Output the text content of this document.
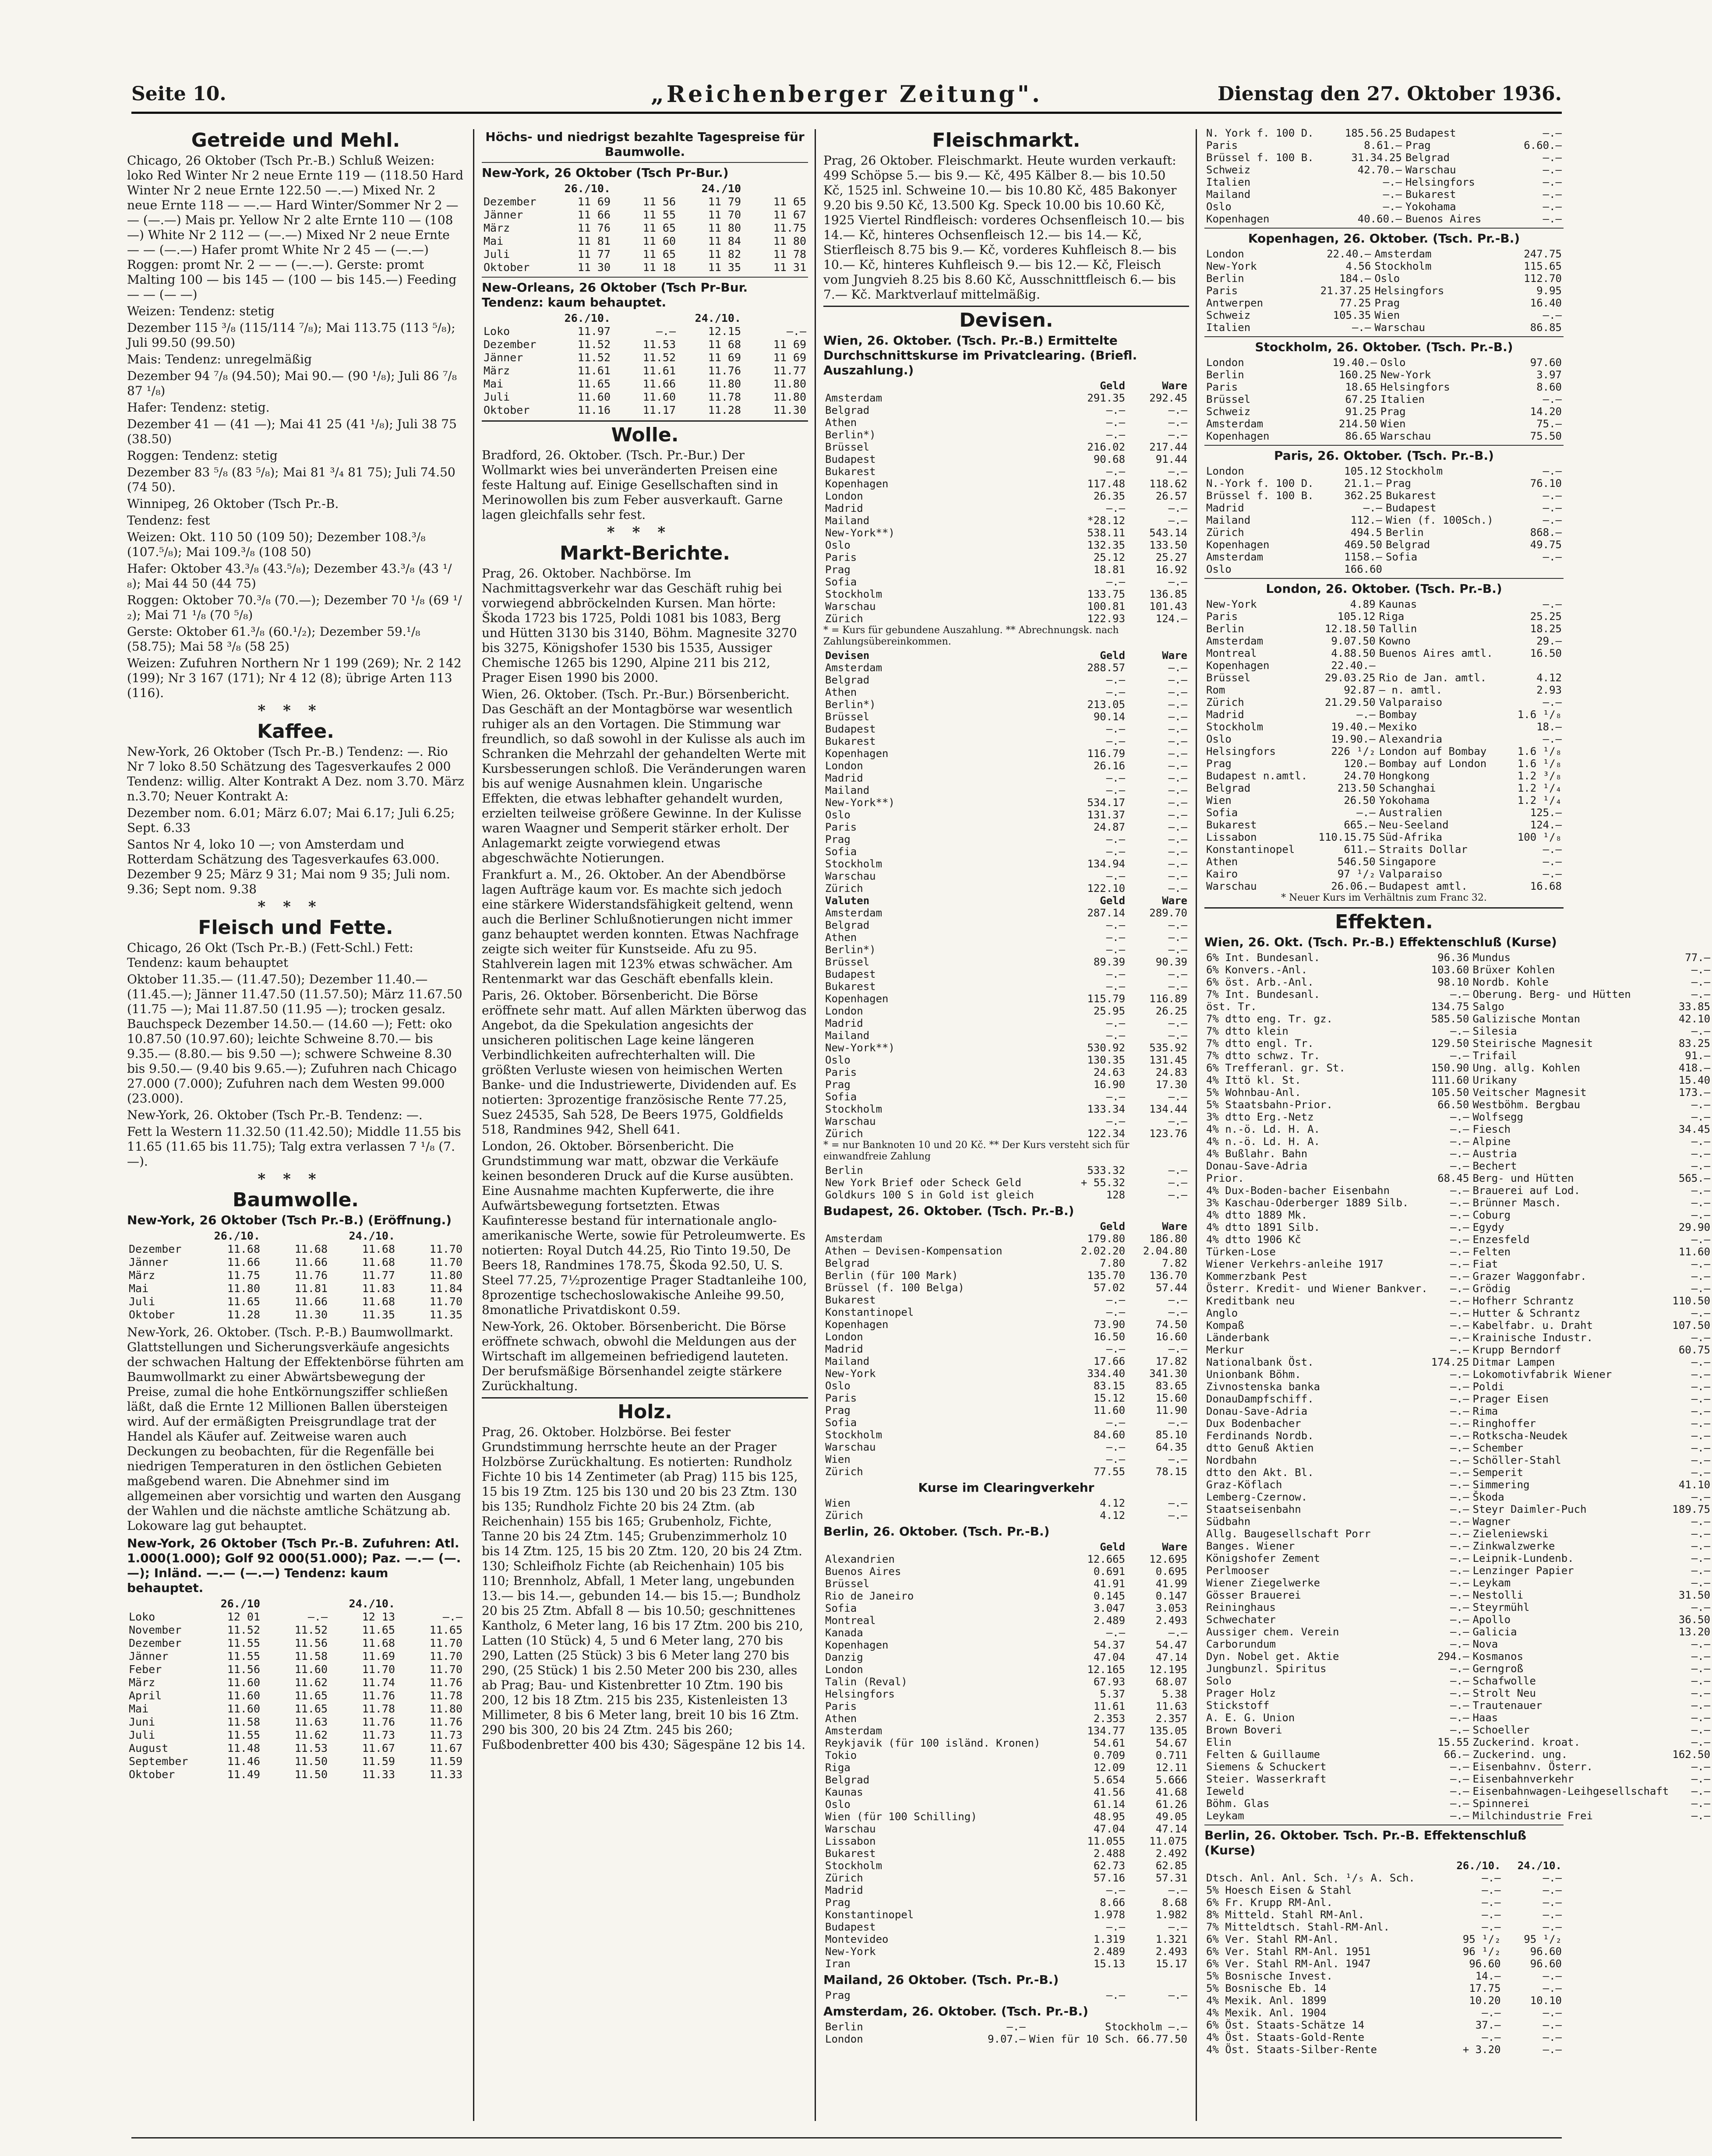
Seite 10.	„Reichenberger Zeitung".	Dienstag den 27. Oktober 1936.
Getreide und Mehl.

Chicago, 26 Oktober (Tsch Pr.-B.) Schluß Weizen: loko Red Winter Nr 2 neue Ernte 119 — (118.50 Hard Winter Nr 2 neue Ernte 122.50 —.—) Mixed Nr. 2 neue Ernte 118 — —.— Hard Winter/Sommer Nr 2 — — (—.—) Mais pr. Yellow Nr 2 alte Ernte 110 — (108 —) White Nr 2 112 — (—.—) Mixed Nr 2 neue Ernte — — (—.—) Hafer promt White Nr 2 45 — (—.—) Roggen: promt Nr. 2 — — (—.—). Gerste: promt Malting 100 — bis 145 — (100 — bis 145.—) Feeding — — (— —)

Weizen: Tendenz: stetig

Dezember 115 ³/₈ (115/114 ⁷/₈); Mai 113.75 (113 ⁵/₈); Juli 99.50 (99.50)

Mais: Tendenz: unregelmäßig

Dezember 94 ⁷/₈ (94.50); Mai 90.— (90 ¹/₈); Juli 86 ⁷/₈ 87 ¹/₈)

Hafer: Tendenz: stetig.

Dezember 41 — (41 —); Mai 41 25 (41 ¹/₈); Juli 38 75 (38.50)

Roggen: Tendenz: stetig

Dezember 83 ⁵/₈ (83 ⁵/₈); Mai 81 ³/₄ 81 75); Juli 74.50 (74 50).

Winnipeg, 26 Oktober (Tsch Pr.-B.

Tendenz: fest

Weizen: Okt. 110 50 (109 50); Dezember 108.³/₈ (107.⁵/₈); Mai 109.³/₈ (108 50)

Hafer: Oktober 43.³/₈ (43.⁵/₈); Dezember 43.³/₈ (43 ¹/₈); Mai 44 50 (44 75)

Roggen: Oktober 70.³/₈ (70.—); Dezember 70 ¹/₈ (69 ¹/₂); Mai 71 ¹/₈ (70 ⁵/₈)

Gerste: Oktober 61.³/₈ (60.¹/₂); Dezember 59.¹/₈ (58.75); Mai 58 ³/₈ (58 25)

Weizen: Zufuhren Northern Nr 1 199 (269); Nr. 2 142 (199); Nr 3 167 (171); Nr 4 12 (8); übrige Arten 113 (116).

***
Kaffee.

New-York, 26 Oktober (Tsch Pr.-B.) Tendenz: —. Rio Nr 7 loko 8.50 Schätzung des Tagesverkaufes 2 000 Tendenz: willig. Alter Kontrakt A Dez. nom 3.70. März n.3.70; Neuer Kontrakt A:

Dezember nom. 6.01; März 6.07; Mai 6.17; Juli 6.25; Sept. 6.33

Santos Nr 4, loko 10 —; von Amsterdam und Rotterdam Schätzung des Tagesverkaufes 63.000. Dezember 9 25; März 9 31; Mai nom 9 35; Juli nom. 9.36; Sept nom. 9.38

***
Fleisch und Fette.

Chicago, 26 Okt (Tsch Pr.-B.) (Fett-Schl.) Fett: Tendenz: kaum behauptet

Oktober 11.35.— (11.47.50); Dezember 11.40.— (11.45.—); Jänner 11.47.50 (11.57.50); März 11.67.50 (11.75 —); Mai 11.87.50 (11.95 —); trocken gesalz. Bauchspeck Dezember 14.50.— (14.60 —); Fett: oko 10.87.50 (10.97.60); leichte Schweine 8.70.— bis 9.35.— (8.80.— bis 9.50 —); schwere Schweine 8.30 bis 9.50.— (9.40 bis 9.65.—); Zufuhren nach Chicago 27.000 (7.000); Zufuhren nach dem Westen 99.000 (23.000).

New-York, 26. Oktober (Tsch Pr.-B. Tendenz: —.

Fett la Western 11.32.50 (11.42.50); Middle 11.55 bis 11.65 (11.65 bis 11.75); Talg extra verlassen 7 ¹/₈ (7.—).

***
Baumwolle.

New-York, 26 Oktober (Tsch Pr.-B.) (Eröffnung.)

	26./10.		24./10.	
Dezember	11.68	11.68	11.68	11.70
Jänner	11.66	11.66	11.68	11.70
März	11.75	11.76	11.77	11.80
Mai	11.80	11.81	11.83	11.84
Juli	11.65	11.66	11.68	11.70
Oktober	11.28	11.30	11.35	11.35

New-York, 26. Oktober. (Tsch. P.-B.) Baumwollmarkt. Glattstellungen und Sicherungsverkäufe angesichts der schwachen Haltung der Effektenbörse führten am Baumwollmarkt zu einer Abwärtsbewegung der Preise, zumal die hohe Entkörnungsziffer schließen läßt, daß die Ernte 12 Millionen Ballen übersteigen wird. Auf der ermäßigten Preisgrundlage trat der Handel als Käufer auf. Zeitweise waren auch Deckungen zu beobachten, für die Regenfälle bei niedrigen Temperaturen in den östlichen Gebieten maßgebend waren. Die Abnehmer sind im allgemeinen aber vorsichtig und warten den Ausgang der Wahlen und die nächste amtliche Schätzung ab. Lokoware lag gut behauptet.

New-York, 26 Oktober (Tsch Pr.-B. Zufuhren: Atl. 1.000(1.000); Golf 92 000(51.000); Paz. —.— (—.—); Inländ. —.— (—.—) Tendenz: kaum behauptet.

	26./10		24./10.	
Loko	12 01	—.—	12 13	—.—
November	11.52	11.52	11.65	11.65
Dezember	11.55	11.56	11.68	11.70
Jänner	11.55	11.58	11.69	11.70
Feber	11.56	11.60	11.70	11.70
März	11.60	11.62	11.74	11.76
April	11.60	11.65	11.76	11.78
Mai	11.60	11.65	11.78	11.80
Juni	11.58	11.63	11.76	11.76
Juli	11.55	11.62	11.73	11.73
August	11.48	11.53	11.67	11.67
September	11.46	11.50	11.59	11.59
Oktober	11.49	11.50	11.33	11.33

Höchs- und niedrigst bezahlte Tagespreise für Baumwolle.

New-York, 26 Oktober (Tsch Pr-Bur.)

	26./10.		24./10	
Dezember	11 69	11 56	11 79	11 65
Jänner	11 66	11 55	11 70	11 67
März	11 76	11 65	11 80	11.75
Mai	11 81	11 60	11 84	11 80
Juli	11 77	11 65	11 82	11 78
Oktober	11 30	11 18	11 35	11 31

New-Orleans, 26 Oktober (Tsch Pr-Bur. Tendenz: kaum behauptet.

	26./10.		24./10.	
Loko	11.97	—.—	12.15	—.—
Dezember	11.52	11.53	11 68	11 69
Jänner	11.52	11.52	11 69	11 69
März	11.61	11.61	11.76	11.77
Mai	11.65	11.66	11.80	11.80
Juli	11.60	11.60	11.78	11.80
Oktober	11.16	11.17	11.28	11.30
Wolle.

Bradford, 26. Oktober. (Tsch. Pr.-Bur.) Der Wollmarkt wies bei unveränderten Preisen eine feste Haltung auf. Einige Gesellschaften sind in Merinowollen bis zum Feber ausverkauft. Garne lagen gleichfalls sehr fest.

***
Markt-Berichte.

Prag, 26. Oktober. Nachbörse. Im Nachmittagsverkehr war das Geschäft ruhig bei vorwiegend abbröckelnden Kursen. Man hörte: Škoda 1723 bis 1725, Poldi 1081 bis 1083, Berg und Hütten 3130 bis 3140, Böhm. Magnesite 3270 bis 3275, Königshofer 1530 bis 1535, Aussiger Chemische 1265 bis 1290, Alpine 211 bis 212, Prager Eisen 1990 bis 2000.

Wien, 26. Oktober. (Tsch. Pr.-Bur.) Börsenbericht. Das Geschäft an der Montagbörse war wesentlich ruhiger als an den Vortagen. Die Stimmung war freundlich, so daß sowohl in der Kulisse als auch im Schranken die Mehrzahl der gehandelten Werte mit Kursbesserungen schloß. Die Veränderungen waren bis auf wenige Ausnahmen klein. Ungarische Effekten, die etwas lebhafter gehandelt wurden, erzielten teilweise größere Gewinne. In der Kulisse waren Waagner und Semperit stärker erholt. Der Anlagemarkt zeigte vorwiegend etwas abgeschwächte Notierungen.

Frankfurt a. M., 26. Oktober. An der Abendbörse lagen Aufträge kaum vor. Es machte sich jedoch eine stärkere Widerstandsfähigkeit geltend, wenn auch die Berliner Schlußnotierungen nicht immer ganz behauptet werden konnten. Etwas Nachfrage zeigte sich weiter für Kunstseide. Afu zu 95. Stahlverein lagen mit 123% etwas schwächer. Am Rentenmarkt war das Geschäft ebenfalls klein.

Paris, 26. Oktober. Börsenbericht. Die Börse eröffnete sehr matt. Auf allen Märkten überwog das Angebot, da die Spekulation angesichts der unsicheren politischen Lage keine längeren Verbindlichkeiten aufrechterhalten will. Die größten Verluste wiesen von heimischen Werten Banke- und die Industriewerte, Dividenden auf. Es notierten: 3prozentige französische Rente 77.25, Suez 24535, Sah 528, De Beers 1975, Goldfields 518, Randmines 942, Shell 641.

London, 26. Oktober. Börsenbericht. Die Grundstimmung war matt, obzwar die Verkäufe keinen besonderen Druck auf die Kurse ausübten. Eine Ausnahme machten Kupferwerte, die ihre Aufwärtsbewegung fortsetzten. Etwas Kaufinteresse bestand für internationale anglo-amerikanische Werte, sowie für Petroleumwerte. Es notierten: Royal Dutch 44.25, Rio Tinto 19.50, De Beers 18, Randmines 178.75, Škoda 92.50, U. S. Steel 77.25, 7½prozentige Prager Stadtanleihe 100, 8prozentige tschechoslowakische Anleihe 99.50, 8monatliche Privatdiskont 0.59.

New-York, 26. Oktober. Börsenbericht. Die Börse eröffnete schwach, obwohl die Meldungen aus der Wirtschaft im allgemeinen befriedigend lauteten. Der berufsmäßige Börsenhandel zeigte stärkere Zurückhaltung.

Holz.

Prag, 26. Oktober. Holzbörse. Bei fester Grundstimmung herrschte heute an der Prager Holzbörse Zurückhaltung. Es notierten: Rundholz Fichte 10 bis 14 Zentimeter (ab Prag) 115 bis 125, 15 bis 19 Ztm. 125 bis 130 und 20 bis 23 Ztm. 130 bis 135; Rundholz Fichte 20 bis 24 Ztm. (ab Reichenhain) 155 bis 165; Grubenholz, Fichte, Tanne 20 bis 24 Ztm. 145; Grubenzimmerholz 10 bis 14 Ztm. 125, 15 bis 20 Ztm. 120, 20 bis 24 Ztm. 130; Schleifholz Fichte (ab Reichenhain) 105 bis 110; Brennholz, Abfall, 1 Meter lang, ungebunden 13.— bis 14.—, gebunden 14.— bis 15.—; Bundholz 20 bis 25 Ztm. Abfall 8 — bis 10.50; geschnittenes Kantholz, 6 Meter lang, 16 bis 17 Ztm. 200 bis 210, Latten (10 Stück) 4, 5 und 6 Meter lang, 270 bis 290, Latten (25 Stück) 3 bis 6 Meter lang 270 bis 290, (25 Stück) 1 bis 2.50 Meter 200 bis 230, alles ab Prag; Bau- und Kistenbretter 10 Ztm. 190 bis 200, 12 bis 18 Ztm. 215 bis 235, Kistenleisten 13 Millimeter, 8 bis 6 Meter lang, breit 10 bis 16 Ztm. 290 bis 300, 20 bis 24 Ztm. 245 bis 260; Fußbodenbretter 400 bis 430; Sägespäne 12 bis 14.

Fleischmarkt.

Prag, 26 Oktober. Fleischmarkt. Heute wurden verkauft: 499 Schöpse 5.— bis 9.— Kč, 495 Kälber 8.— bis 10.50 Kč, 1525 inl. Schweine 10.— bis 10.80 Kč, 485 Bakonyer 9.20 bis 9.50 Kč, 13.500 Kg. Speck 10.00 bis 10.60 Kč, 1925 Viertel Rindfleisch: vorderes Ochsenfleisch 10.— bis 14.— Kč, hinteres Ochsenfleisch 12.— bis 14.— Kč, Stierfleisch 8.75 bis 9.— Kč, vorderes Kuhfleisch 8.— bis 10.— Kč, hinteres Kuhfleisch 9.— bis 12.— Kč, Fleisch vom Jungvieh 8.25 bis 8.60 Kč, Ausschnittfleisch 6.— bis 7.— Kč. Marktverlauf mittelmäßig.

Devisen.

Wien, 26. Oktober. (Tsch. Pr.-B.) Ermittelte Durchschnittskurse im Privatclearing. (Briefl. Auszahlung.)

	Geld	Ware
Amsterdam	291.35	292.45
Belgrad	—.—	—.—
Athen	—.—	—.—
Berlin*)	—.—	—.—
Brüssel	216.02	217.44
Budapest	90.68	91.44
Bukarest	—.—	—.—
Kopenhagen	117.48	118.62
London	26.35	26.57
Madrid	—.—	—.—
Mailand	*28.12	—.—
New-York**)	538.11	543.14
Oslo	132.35	133.50
Paris	25.12	25.27
Prag	18.81	16.92
Sofia	—.—	—.—
Stockholm	133.75	136.85
Warschau	100.81	101.43
Zürich	122.93	124.—

* = Kurs für gebundene Auszahlung. ** Abrechnungsk. nach Zahlungsübereinkommen.

Devisen	Geld	Ware
Amsterdam	288.57	—.—
Belgrad	—.—	—.—
Athen	—.—	—.—
Berlin*)	213.05	—.—
Brüssel	90.14	—.—
Budapest	—.—	—.—
Bukarest	—.—	—.—
Kopenhagen	116.79	—.—
London	26.16	—.—
Madrid	—.—	—.—
Mailand	—.—	—.—
New-York**)	534.17	—.—
Oslo	131.37	—.—
Paris	24.87	—.—
Prag	—.—	—.—
Sofia	—.—	—.—
Stockholm	134.94	—.—
Warschau	—.—	—.—
Zürich	122.10	—.—
Valuten	Geld	Ware
Amsterdam	287.14	289.70
Belgrad	—.—	—.—
Athen	—.—	—.—
Berlin*)	—.—	—.—
Brüssel	89.39	90.39
Budapest	—.—	—.—
Bukarest	—.—	—.—
Kopenhagen	115.79	116.89
London	25.95	26.25
Madrid	—.—	—.—
Mailand	—.—	—.—
New-York**)	530.92	535.92
Oslo	130.35	131.45
Paris	24.63	24.83
Prag	16.90	17.30
Sofia	—.—	—.—
Stockholm	133.34	134.44
Warschau	—.—	—.—
Zürich	122.34	123.76

* = nur Banknoten 10 und 20 Kč. ** Der Kurs versteht sich für einwandfreie Zahlung

Berlin	533.32	—.—
New York Brief oder Scheck Geld	+ 55.32	—.—
Goldkurs 100 S in Gold ist gleich	128	—.—

Budapest, 26. Oktober. (Tsch. Pr.-B.)

	Geld	Ware
Amsterdam	179.80	186.80
Athen — Devisen-Kompensation	2.02.20	2.04.80
Belgrad	7.80	7.82
Berlin (für 100 Mark)	135.70	136.70
Brüssel (f. 100 Belga)	57.02	57.44
Bukarest	—.—	—.—
Konstantinopel	—.—	—.—
Kopenhagen	73.90	74.50
London	16.50	16.60
Madrid	—.—	—.—
Mailand	17.66	17.82
New-York	334.40	341.30
Oslo	83.15	83.65
Paris	15.12	15.60
Prag	11.60	11.90
Sofia	—.—	—.—
Stockholm	84.60	85.10
Warschau	—.—	64.35
Wien	—.—	—.—
Zürich	77.55	78.15

Kurse im Clearingverkehr

Wien	4.12	—.—
Zürich	4.12	—.—

Berlin, 26. Oktober. (Tsch. Pr.-B.)

	Geld	Ware
Alexandrien	12.665	12.695
Buenos Aires	0.691	0.695
Brüssel	41.91	41.99
Rio de Janeiro	0.145	0.147
Sofia	3.047	3.053
Montreal	2.489	2.493
Kanada	—.—	—.—
Kopenhagen	54.37	54.47
Danzig	47.04	47.14
London	12.165	12.195
Talin (Reval)	67.93	68.07
Helsingfors	5.37	5.38
Paris	11.61	11.63
Athen	2.353	2.357
Amsterdam	134.77	135.05
Reykjavik (für 100 isländ. Kronen)	54.61	54.67
Tokio	0.709	0.711
Riga	12.09	12.11
Belgrad	5.654	5.666
Kaunas	41.56	41.68
Oslo	61.14	61.26
Wien (für 100 Schilling)	48.95	49.05
Warschau	47.04	47.14
Lissabon	11.055	11.075
Bukarest	2.488	2.492
Stockholm	62.73	62.85
Zürich	57.16	57.31
Madrid	—.—	—.—
Prag	8.66	8.68
Konstantinopel	1.978	1.982
Budapest	—.—	—.—
Montevideo	1.319	1.321
New-York	2.489	2.493
Iran	15.13	15.17

Mailand, 26 Oktober. (Tsch. Pr.-B.)

Prag	—.—	—.—

Amsterdam, 26. Oktober. (Tsch. Pr.-B.)

Berlin	—.—	Stockholm —.—
London	9.07.—	Wien für 10 Sch. 66.77.50
N. York f. 100 D.	185.56.25	Budapest	—.—
Paris	8.61.—	Prag	6.60.—
Brüssel f. 100 B.	31.34.25	Belgrad	—.—
Schweiz	42.70.—	Warschau	—.—
Italien	—.—	Helsingfors	—.—
Mailand	—.—	Bukarest	—.—
Oslo	—.—	Yokohama	—.—
Kopenhagen	40.60.—	Buenos Aires	—.—

Kopenhagen, 26. Oktober. (Tsch. Pr.-B.)

London	22.40.—	Amsterdam	247.75
New-York	4.56	Stockholm	115.65
Berlin	184.—	Oslo	112.70
Paris	21.37.25	Helsingfors	9.95
Antwerpen	77.25	Prag	16.40
Schweiz	105.35	Wien	—.—
Italien	—.—	Warschau	86.85

Stockholm, 26. Oktober. (Tsch. Pr.-B.)

London	19.40.—	Oslo	97.60
Berlin	160.25	New-York	3.97
Paris	18.65	Helsingfors	8.60
Brüssel	67.25	Italien	—.—
Schweiz	91.25	Prag	14.20
Amsterdam	214.50	Wien	75.—
Kopenhagen	86.65	Warschau	75.50

Paris, 26. Oktober. (Tsch. Pr.-B.)

London	105.12	Stockholm	—.—
N.-York f. 100 D.	21.1.—	Prag	76.10
Brüssel f. 100 B.	362.25	Bukarest	—.—
Madrid	—.—	Budapest	—.—
Mailand	112.—	Wien (f. 100Sch.)	—.—
Zürich	494.5	Berlin	868.—
Kopenhagen	469.50	Belgrad	49.75
Amsterdam	1158.—	Sofia	—.—
Oslo	166.60		

London, 26. Oktober. (Tsch. Pr.-B.)

New-York	4.89	Kaunas	—.—
Paris	105.12	Riga	25.25
Berlin	12.18.50	Tallin	18.25
Amsterdam	9.07.50	Kowno	29.—
Montreal	4.88.50	Buenos Aires amtl.	16.50
Kopenhagen	22.40.—		
Brüssel	29.03.25	Rio de Jan. amtl.	4.12
Rom	92.87	— n. amtl.	2.93
Zürich	21.29.50	Valparaiso	—.—
Madrid	—.—	Bombay	1.6 ¹/₈
Stockholm	19.40.—	Mexiko	18.—
Oslo	19.90.—	Alexandria	—.—
Helsingfors	226 ¹/₂	London auf Bombay	1.6 ¹/₈
Prag	120.—	Bombay auf London	1.6 ¹/₈
Budapest n.amtl.	24.70	Hongkong	1.2 ³/₈
Belgrad	213.50	Schanghai	1.2 ¹/₄
Wien	26.50	Yokohama	1.2 ¹/₄
Sofia	—.—	Australien	125.—
Bukarest	665.—	Neu-Seeland	124.—
Lissabon	110.15.75	Süd-Afrika	100 ¹/₈
Konstantinopel	611.—	Straits Dollar	—.—
Athen	546.50	Singapore	—.—
Kairo	97 ¹/₂	Valparaiso	—.—
Warschau	26.06.—	Budapest amtl.	16.68

* Neuer Kurs im Verhältnis zum Franc 32.

Effekten.

Wien, 26. Okt. (Tsch. Pr.-B.) Effektenschluß (Kurse)

6% Int. Bundesanl.	96.36	Mundus	77.—
6% Konvers.-Anl.	103.60	Brüxer Kohlen	—.—
6% öst. Arb.-Anl.	98.10	Nordb. Kohle	—.—
7% Int. Bundesanl.	—.—	Oberung. Berg- und Hütten	—.—
öst. Tr.	134.75	Salgo	33.85
7% dtto eng. Tr. gz.	585.50	Galizische Montan	42.10
7% dtto klein	—.—	Silesia	—.—
7% dtto engl. Tr.	129.50	Steirische Magnesit	83.25
7% dtto schwz. Tr.	—.—	Trifail	91.—
6% Trefferanl. gr. St.	150.90	Ung. allg. Kohlen	418.—
4% Ittö kl. St.	111.60	Urikany	15.40
5% Wohnbau-Anl.	105.50	Veitscher Magnesit	173.—
5% Staatsbahn-Prior.	66.50	Westböhm. Bergbau	—.—
3% dtto Erg.-Netz	—.—	Wolfsegg	—.—
4% n.-ö. Ld. H. A.	—.—	Fiesch	34.45
4% n.-ö. Ld. H. A.	—.—	Alpine	—.—
4% Bußlahr. Bahn	—.—	Austria	—.—
Donau-Save-Adria	—.—	Bechert	—.—
Prior.	68.45	Berg- und Hütten	565.—
4% Dux-Boden-bacher Eisenbahn	—.—	Brauerei auf Lod.	—.—
3% Kaschau-Oderberger 1889 Silb.	—.—	Brünner Masch.	—.—
4% dtto 1889 Mk.	—.—	Coburg	—.—
4% dtto 1891 Silb.	—.—	Egydy	29.90
4% dtto 1906 Kč	—.—	Enzesfeld	—.—
Türken-Lose	—.—	Felten	11.60
Wiener Verkehrs-anleihe 1917	—.—	Fiat	—.—
Kommerzbank Pest	—.—	Grazer Waggonfabr.	—.—
Österr. Kredit- und Wiener Bankver.	—.—	Grödig	—.—
Kreditbank neu	—.—	Hofherr Schrantz	110.50
Anglo	—.—	Hutter & Schrantz	—.—
Kompaß	—.—	Kabelfabr. u. Draht	107.50
Länderbank	—.—	Krainische Industr.	—.—
Merkur	—.—	Krupp Berndorf	60.75
Nationalbank Öst.	174.25	Ditmar Lampen	—.—
Unionbank Böhm.	—.—	Lokomotivfabrik Wiener	—.—
Zivnostenska banka	—.—	Poldi	—.—
DonauDampfschiff.	—.—	Prager Eisen	—.—
Donau-Save-Adria	—.—	Rima	—.—
Dux Bodenbacher	—.—	Ringhoffer	—.—
Ferdinands Nordb.	—.—	Rotkscha-Neudek	—.—
dtto Genuß Aktien	—.—	Schember	—.—
Nordbahn	—.—	Schöller-Stahl	—.—
dtto den Akt. Bl.	—.—	Semperit	—.—
Graz-Köflach	—.—	Simmering	41.10
Lemberg-Czernow.	—.—	Škoda	—.—
Staatseisenbahn	—.—	Steyr Daimler-Puch	189.75
Südbahn	—.—	Wagner	—.—
Allg. Baugesellschaft Porr	—.—	Zieleniewski	—.—
Banges. Wiener	—.—	Zinkwalzwerke	—.—
Königshofer Zement	—.—	Leipnik-Lundenb.	—.—
Perlmooser	—.—	Lenzinger Papier	—.—
Wiener Ziegelwerke	—.—	Leykam	—.—
Gösser Brauerei	—.—	Nestolli	31.50
Reininghaus	—.—	Steyrmühl	—.—
Schwechater	—.—	Apollo	36.50
Aussiger chem. Verein	—.—	Galicia	13.20
Carborundum	—.—	Nova	—.—
Dyn. Nobel get. Aktie	294.—	Kosmanos	—.—
Jungbunzl. Spiritus	—.—	Gerngroß	—.—
Solo	—.—	Schafwolle	—.—
Prager Holz	—.—	Strolt Neu	—.—
Stickstoff	—.—	Trautenauer	—.—
A. E. G. Union	—.—	Haas	—.—
Brown Boveri	—.—	Schoeller	—.—
Elin	15.55	Zuckerind. kroat.	—.—
Felten & Guillaume	66.—	Zuckerind. ung.	162.50
Siemens & Schuckert	—.—	Eisenbahnv. Österr.	—.—
Steier. Wasserkraft	—.—	Eisenbahnverkehr	—.—
Ieweld	—.—	Eisenbahnwagen-Leihgesellschaft	—.—
Böhm. Glas	—.—	Spinnerei	—.—
Leykam	—.—	Milchindustrie Frei	—.—

Berlin, 26. Oktober. Tsch. Pr.-B. Effektenschluß (Kurse)

	26./10.	24./10.
Dtsch. Anl. Anl. Sch. ¹/₅ A. Sch.	—.—	—.—
5% Hoesch Eisen & Stahl	—.—	—.—
6% Fr. Krupp RM-Anl.	—.—	—.—
8% Mitteld. Stahl RM-Anl.	—.—	—.—
7% Mitteldtsch. Stahl-RM-Anl.	—.—	—.—
6% Ver. Stahl RM-Anl.	95 ¹/₂	95 ¹/₂
6% Ver. Stahl RM-Anl. 1951	96 ¹/₂	96.60
6% Ver. Stahl RM-Anl. 1947	96.60	96.60
5% Bosnische Invest.	14.—	—.—
5% Bosnische Eb. 14	17.75	—.—
4% Mexik. Anl. 1899	10.20	10.10
4% Mexik. Anl. 1904	—.—	—.—
6% Öst. Staats-Schätze 14	37.—	—.—
4% Öst. Staats-Gold-Rente	—.—	—.—
4% Öst. Staats-Silber-Rente	+ 3.20	—.—
